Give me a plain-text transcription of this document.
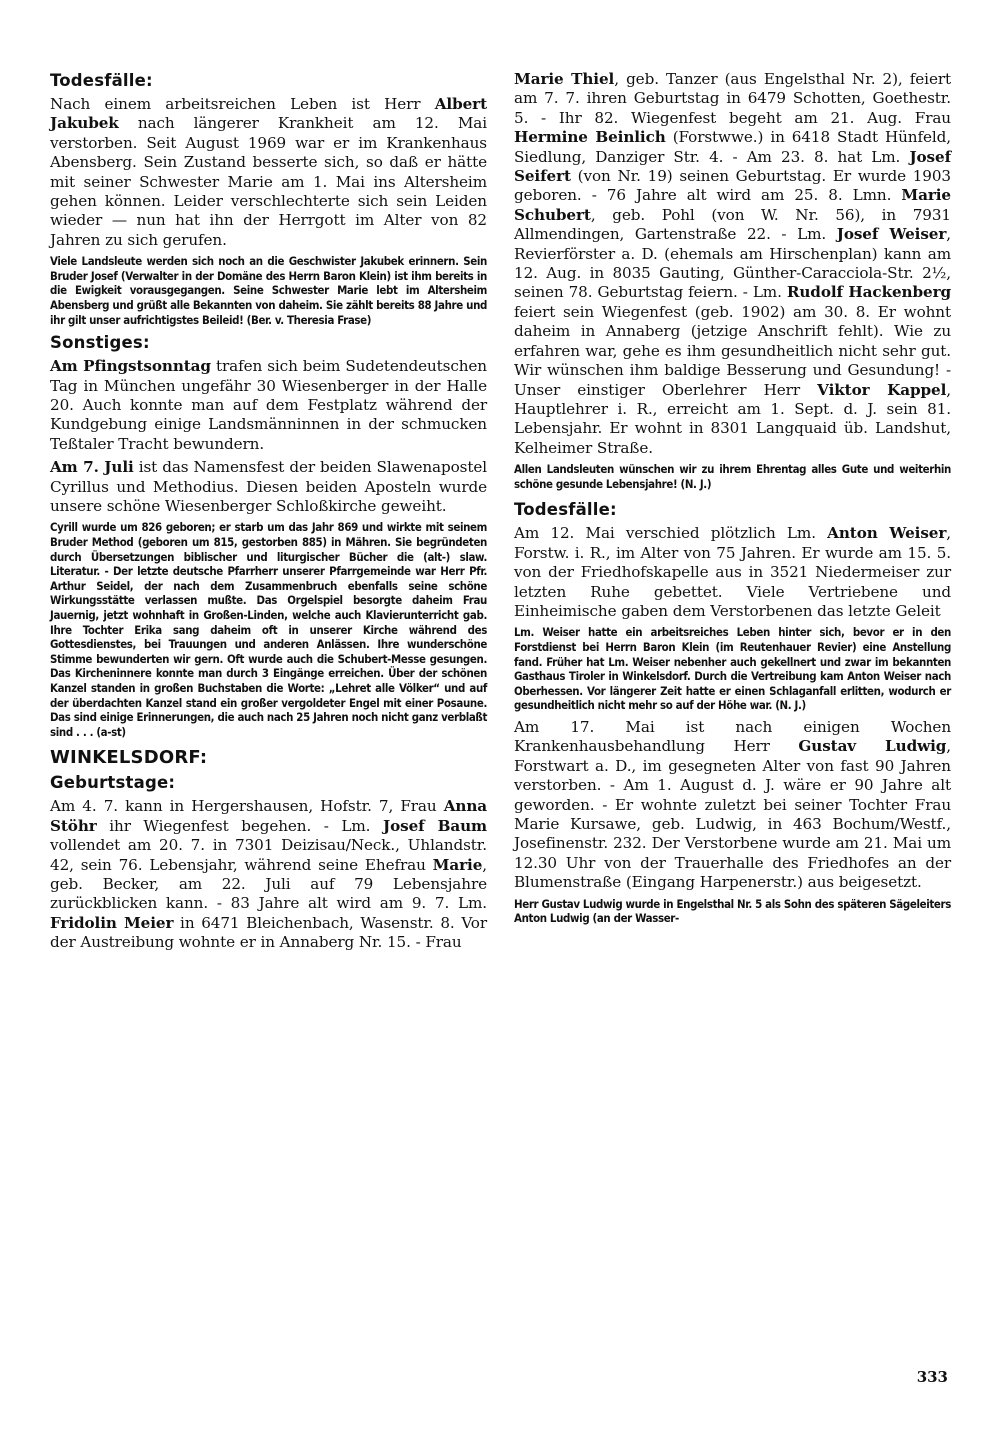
Todesfälle:

Nach einem arbeitsreichen Leben ist Herr Albert Jakubek nach längerer Krankheit am 12. Mai verstorben. Seit August 1969 war er im Krankenhaus Abensberg. Sein Zustand besserte sich, so daß er hätte mit seiner Schwester Marie am 1. Mai ins Altersheim gehen können. Leider verschlechterte sich sein Leiden wieder — nun hat ihn der Herrgott im Alter von 82 Jahren zu sich gerufen.

Viele Landsleute werden sich noch an die Geschwister Jakubek erinnern. Sein Bruder Josef (Verwalter in der Domäne des Herrn Baron Klein) ist ihm bereits in die Ewigkeit vorausgegangen. Seine Schwester Marie lebt im Altersheim Abensberg und grüßt alle Bekannten von daheim. Sie zählt bereits 88 Jahre und ihr gilt unser aufrichtigstes Beileid! (Ber. v. Theresia Frase)

Sonstiges:

Am Pfingstsonntag trafen sich beim Sudetendeutschen Tag in München ungefähr 30 Wiesenberger in der Halle 20. Auch konnte man auf dem Festplatz während der Kundgebung einige Landsmänninnen in der schmucken Teßtaler Tracht bewundern.

Am 7. Juli ist das Namensfest der beiden Slawenapostel Cyrillus und Methodius. Diesen beiden Aposteln wurde unsere schöne Wiesenberger Schloßkirche geweiht.

Cyrill wurde um 826 geboren; er starb um das Jahr 869 und wirkte mit seinem Bruder Method (geboren um 815, gestorben 885) in Mähren. Sie begründeten durch Übersetzungen biblischer und liturgischer Bücher die (alt-) slaw. Literatur. - Der letzte deutsche Pfarrherr unserer Pfarrgemeinde war Herr Pfr. Arthur Seidel, der nach dem Zusammenbruch ebenfalls seine schöne Wirkungsstätte verlassen mußte. Das Orgelspiel besorgte daheim Frau Jauernig, jetzt wohnhaft in Großen-Linden, welche auch Klavierunterricht gab. Ihre Tochter Erika sang daheim oft in unserer Kirche während des Gottesdienstes, bei Trauungen und anderen Anlässen. Ihre wunderschöne Stimme bewunderten wir gern. Oft wurde auch die Schubert-Messe gesungen. Das Kircheninnere konnte man durch 3 Eingänge erreichen. Über der schönen Kanzel standen in großen Buchstaben die Worte: „Lehret alle Völker“ und auf der überdachten Kanzel stand ein großer vergoldeter Engel mit einer Posaune. Das sind einige Erinnerungen, die auch nach 25 Jahren noch nicht ganz verblaßt sind . . . (a-st)

WINKELSDORF:
Geburtstage:

Am 4. 7. kann in Hergershausen, Hofstr. 7, Frau Anna Stöhr ihr Wiegenfest begehen. - Lm. Josef Baum vollendet am 20. 7. in 7301 Deizisau/Neck., Uhlandstr. 42, sein 76. Lebensjahr, während seine Ehefrau Marie, geb. Becker, am 22. Juli auf 79 Lebensjahre zurückblicken kann. - 83 Jahre alt wird am 9. 7. Lm. Fridolin Meier in 6471 Bleichenbach, Wasenstr. 8. Vor der Austreibung wohnte er in Annaberg Nr. 15. - Frau

Marie Thiel, geb. Tanzer (aus Engelsthal Nr. 2), feiert am 7. 7. ihren Geburtstag in 6479 Schotten, Goethestr. 5. - Ihr 82. Wiegenfest begeht am 21. Aug. Frau Hermine Beinlich (Forstwwe.) in 6418 Stadt Hünfeld, Siedlung, Danziger Str. 4. - Am 23. 8. hat Lm. Josef Seifert (von Nr. 19) seinen Geburtstag. Er wurde 1903 geboren. - 76 Jahre alt wird am 25. 8. Lmn. Marie Schubert, geb. Pohl (von W. Nr. 56), in 7931 Allmendingen, Gartenstraße 22. - Lm. Josef Weiser, Revierförster a. D. (ehemals am Hirschenplan) kann am 12. Aug. in 8035 Gauting, Günther-Caracciola-Str. 2½, seinen 78. Geburtstag feiern. - Lm. Rudolf Hackenberg feiert sein Wiegenfest (geb. 1902) am 30. 8. Er wohnt daheim in Annaberg (jetzige Anschrift fehlt). Wie zu erfahren war, gehe es ihm gesundheitlich nicht sehr gut. Wir wünschen ihm baldige Besserung und Gesundung! - Unser einstiger Oberlehrer Herr Viktor Kappel, Hauptlehrer i. R., erreicht am 1. Sept. d. J. sein 81. Lebensjahr. Er wohnt in 8301 Langquaid üb. Landshut, Kelheimer Straße.

Allen Landsleuten wünschen wir zu ihrem Ehrentag alles Gute und weiterhin schöne gesunde Lebensjahre! (N. J.)

Todesfälle:

Am 12. Mai verschied plötzlich Lm. Anton Weiser, Forstw. i. R., im Alter von 75 Jahren. Er wurde am 15. 5. von der Friedhofskapelle aus in 3521 Niedermeiser zur letzten Ruhe gebettet. Viele Vertriebene und Einheimische gaben dem Verstorbenen das letzte Geleit

Lm. Weiser hatte ein arbeitsreiches Leben hinter sich, bevor er in den Forstdienst bei Herrn Baron Klein (im Reutenhauer Revier) eine Anstellung fand. Früher hat Lm. Weiser nebenher auch gekellnert und zwar im bekannten Gasthaus Tiroler in Winkelsdorf. Durch die Vertreibung kam Anton Weiser nach Oberhessen. Vor längerer Zeit hatte er einen Schlaganfall erlitten, wodurch er gesundheitlich nicht mehr so auf der Höhe war. (N. J.)

Am 17. Mai ist nach einigen Wochen Krankenhausbehandlung Herr Gustav Ludwig, Forstwart a. D., im gesegneten Alter von fast 90 Jahren verstorben. - Am 1. August d. J. wäre er 90 Jahre alt geworden. - Er wohnte zuletzt bei seiner Tochter Frau Marie Kursawe, geb. Ludwig, in 463 Bochum/Westf., Josefinenstr. 232. Der Verstorbene wurde am 21. Mai um 12.30 Uhr von der Trauerhalle des Friedhofes an der Blumenstraße (Eingang Harpenerstr.) aus beigesetzt.

Herr Gustav Ludwig wurde in Engelsthal Nr. 5 als Sohn des späteren Sägeleiters Anton Ludwig (an der Wasser-

333
